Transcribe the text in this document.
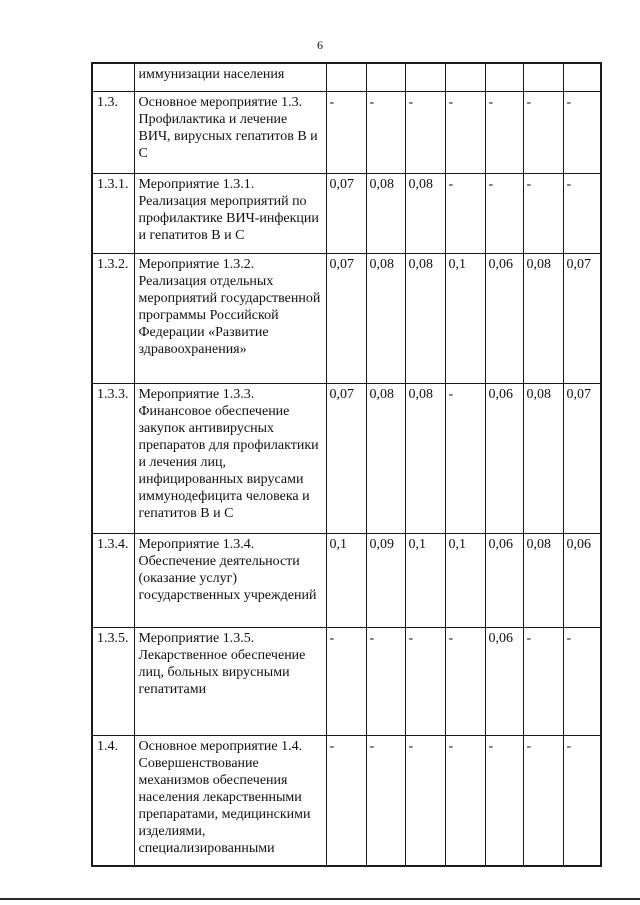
6
	иммунизации населения							
1.3.	Основное мероприятие 1.3. Профилактика и лечение ВИЧ, вирусных гепатитов В и С	-	-	-	-	-	-	-
1.3.1.	Мероприятие 1.3.1. Реализация мероприятий по профилактике ВИЧ-инфекции и гепатитов В и С	0,07	0,08	0,08	-	-	-	-
1.3.2.	Мероприятие 1.3.2. Реализация отдельных мероприятий государственной программы Российской Федерации «Развитие здравоохранения»	0,07	0,08	0,08	0,1	0,06	0,08	0,07
1.3.3.	Мероприятие 1.3.3. Финансовое обеспечение закупок антивирусных препаратов для профилактики и лечения лиц, инфицированных вирусами иммунодефицита человека и гепатитов В и С	0,07	0,08	0,08	-	0,06	0,08	0,07
1.3.4.	Мероприятие 1.3.4. Обеспечение деятельности (оказание услуг) государственных учреждений	0,1	0,09	0,1	0,1	0,06	0,08	0,06
1.3.5.	Мероприятие 1.3.5. Лекарственное обеспечение лиц, больных вирусными гепатитами	-	-	-	-	0,06	-	-
1.4.	Основное мероприятие 1.4. Совершенствование механизмов обеспечения населения лекарственными препаратами, медицинскими изделиями, специализированными	-	-	-	-	-	-	-
